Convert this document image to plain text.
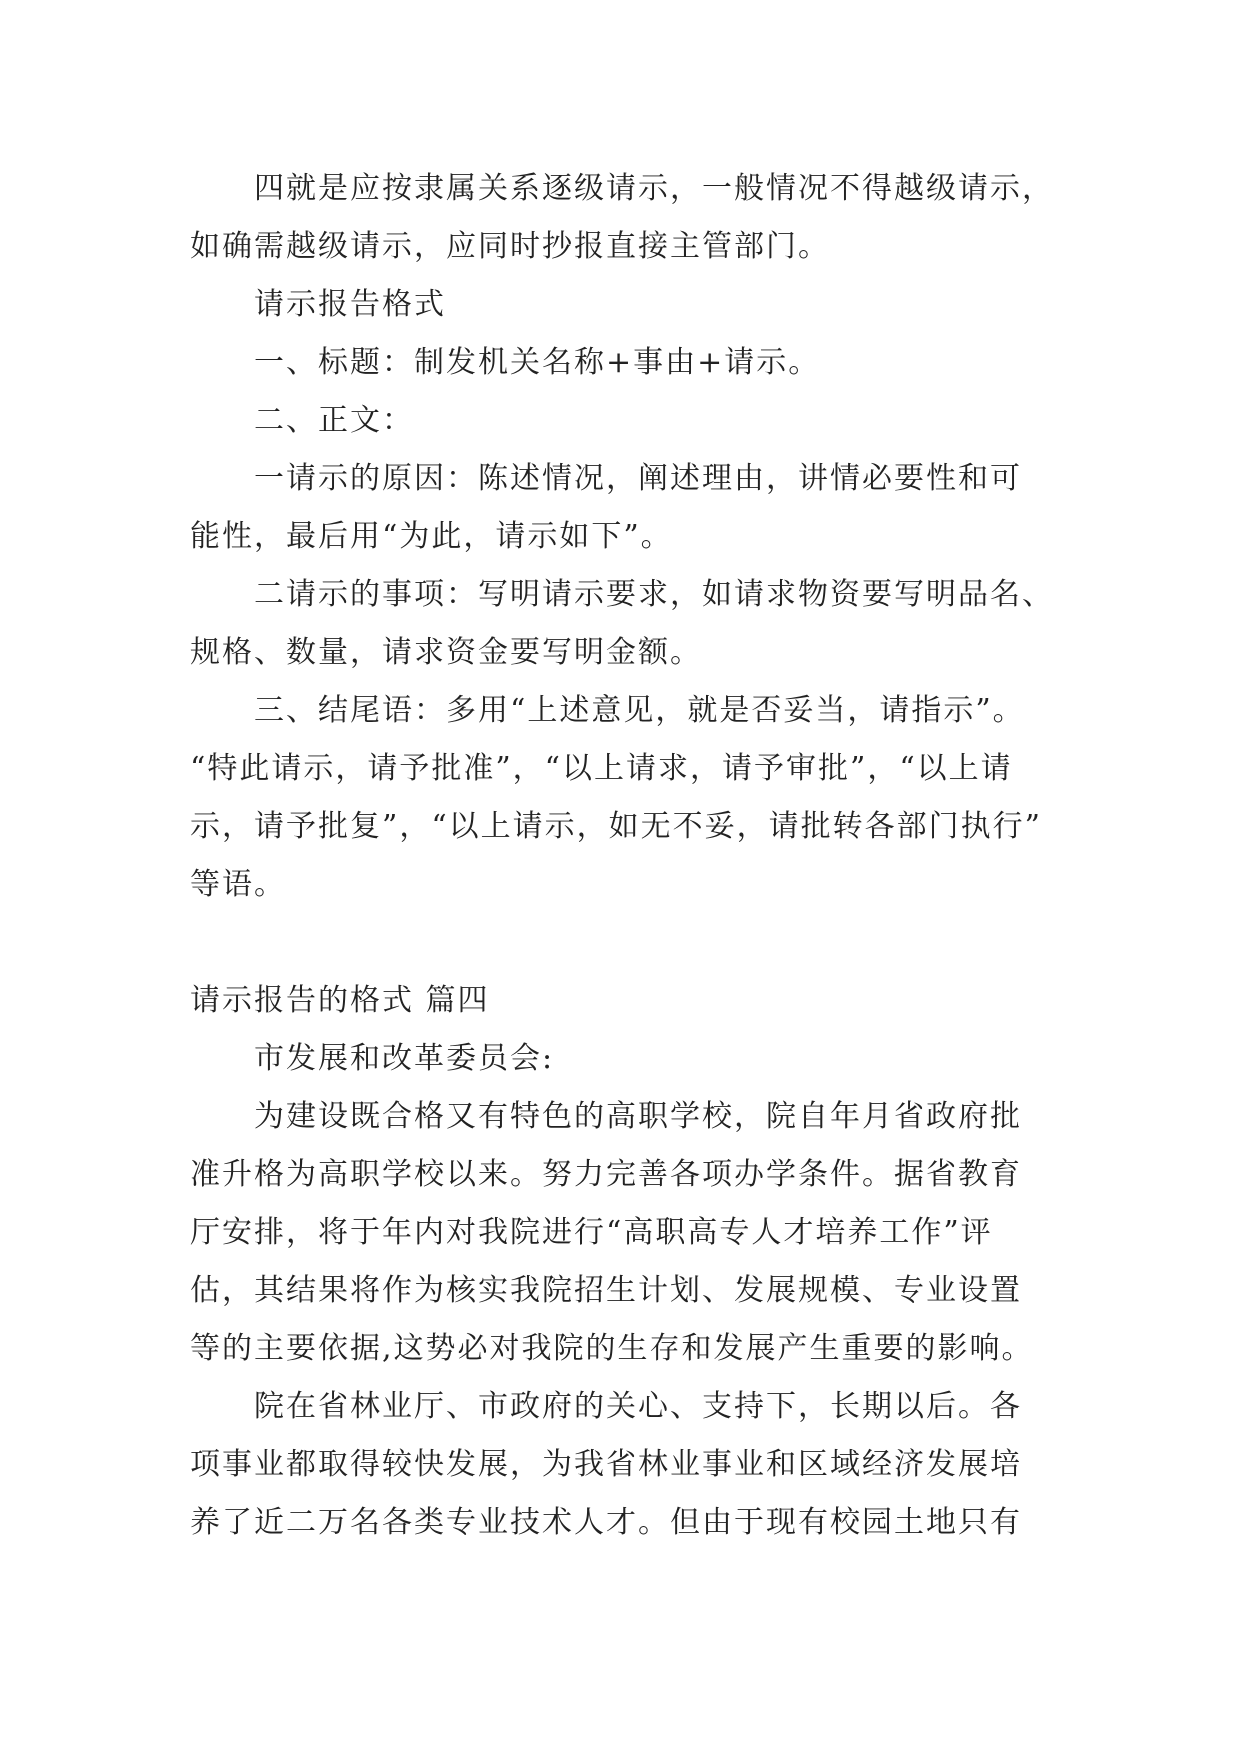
四就是应按隶属关系逐级请示，一般情况不得越级请示，

如确需越级请示，应同时抄报直接主管部门。

请示报告格式

一、标题：制发机关名称+事由+请示。

二、正文：

一请示的原因：陈述情况，阐述理由，讲情必要性和可

能性，最后用“为此，请示如下”。

二请示的事项：写明请示要求，如请求物资要写明品名、

规格、数量，请求资金要写明金额。

三、结尾语：多用“上述意见，就是否妥当，请指示”。

“特此请示，请予批准”，“以上请求，请予审批”，“以上请

示，请予批复”，“以上请示，如无不妥，请批转各部门执行”

等语。

请示报告的格式 篇四

市发展和改革委员会:

为建设既合格又有特色的高职学校，院自年月省政府批

准升格为高职学校以来。努力完善各项办学条件。据省教育

厅安排，将于年内对我院进行“高职高专人才培养工作”评

估，其结果将作为核实我院招生计划、发展规模、专业设置

等的主要依据,这势必对我院的生存和发展产生重要的影响。

院在省林业厅、市政府的关心、支持下，长期以后。各

项事业都取得较快发展，为我省林业事业和区域经济发展培

养了近二万名各类专业技术人才。但由于现有校园土地只有
